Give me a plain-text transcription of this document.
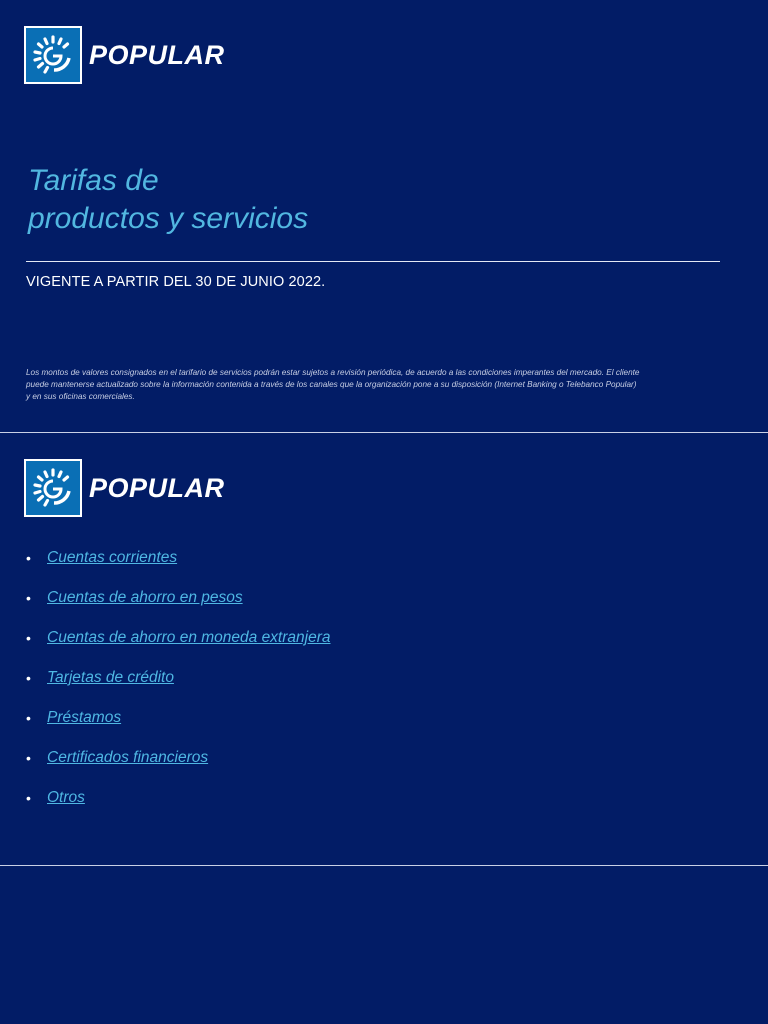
POPULAR
Tarifas de
productos y servicios
VIGENTE A PARTIR DEL 30 DE JUNIO 2022.
Los montos de valores consignados en el tarifario de servicios podrán estar sujetos a revisión periódica, de acuerdo a las condiciones imperantes del mercado. El cliente
puede mantenerse actualizado sobre la información contenida a través de los canales que la organización pone a su disposición (Internet Banking o Telebanco Popular)
y en sus oficinas comerciales.
POPULAR
•	Cuentas corrientes
•	Cuentas de ahorro en pesos
•	Cuentas de ahorro en moneda extranjera
•	Tarjetas de crédito
•	Préstamos
•	Certificados financieros
•	Otros
